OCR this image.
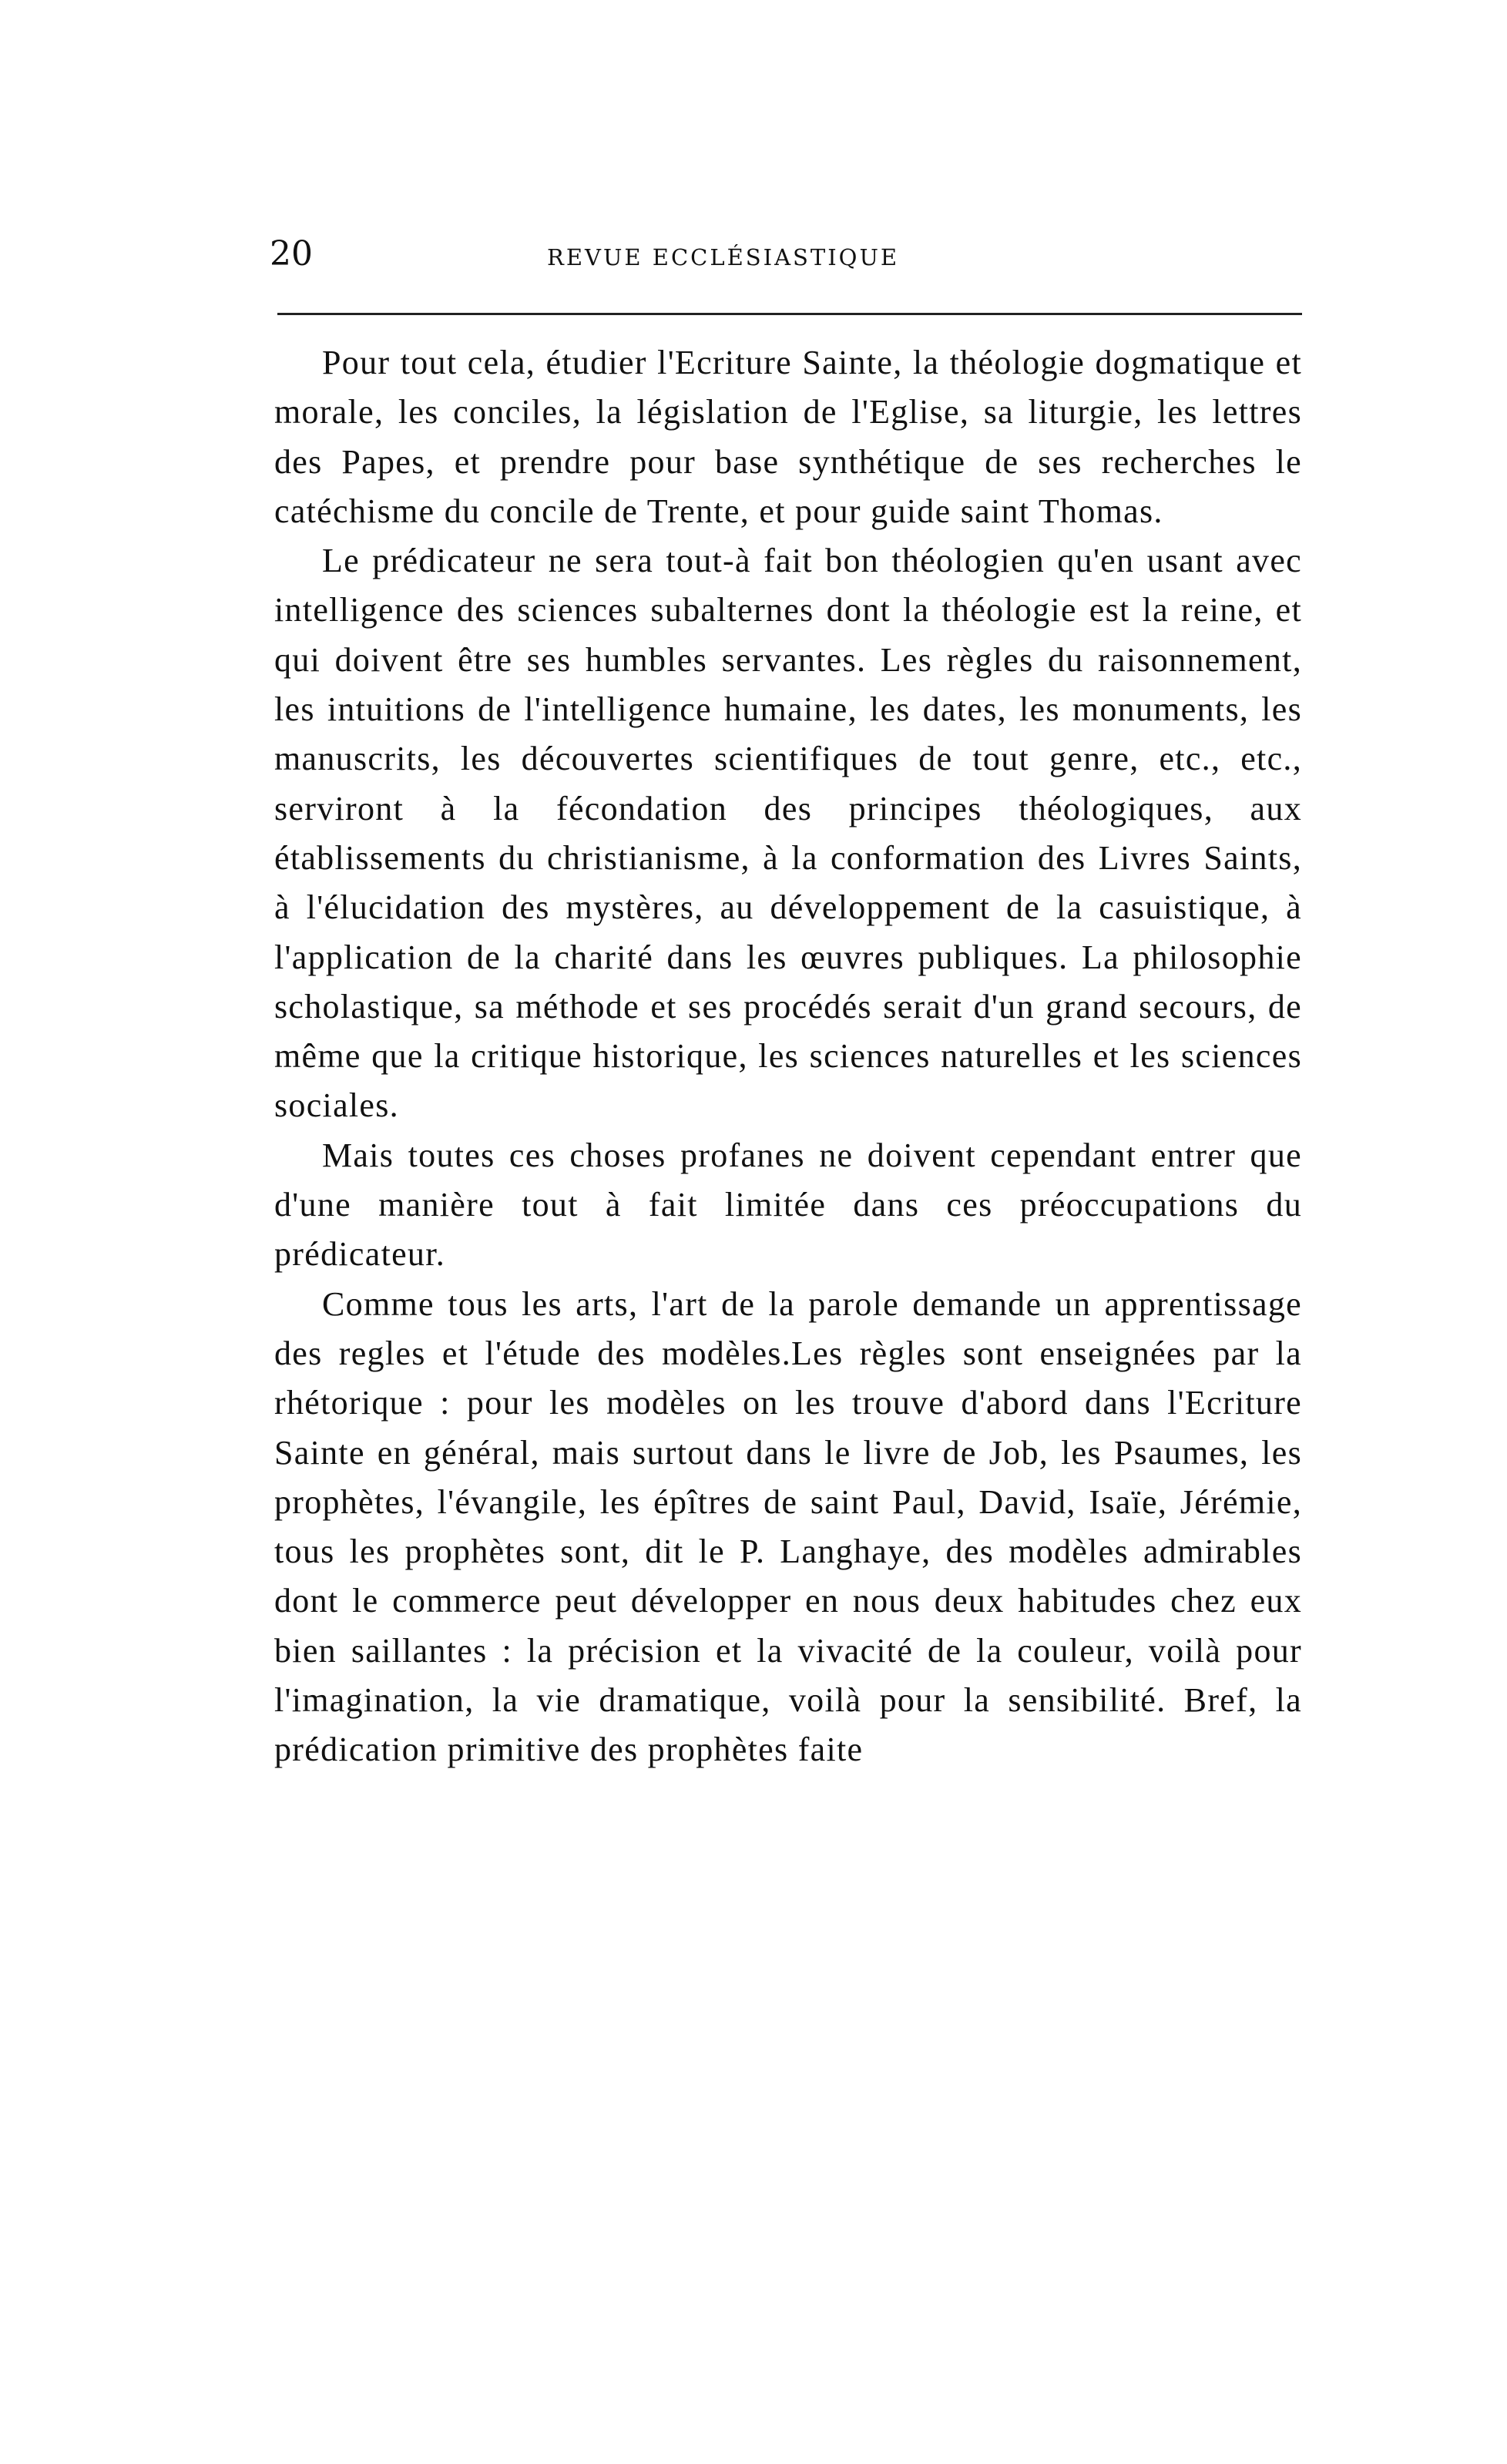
20	REVUE ECCLÉSIASTIQUE

Pour tout cela, étudier l'Ecriture Sainte, la théologie dogmatique et morale, les conciles, la législation de l'Eglise, sa liturgie, les lettres des Papes, et prendre pour base synthétique de ses recherches le catéchisme du concile de Trente, et pour guide saint Thomas.

Le prédicateur ne sera tout-à fait bon théologien qu'en usant avec intelligence des sciences subalternes dont la théologie est la reine, et qui doivent être ses humbles servantes. Les règles du raisonnement, les intuitions de l'intelligence humaine, les dates, les monuments, les manuscrits, les découvertes scientifiques de tout genre, etc., etc., serviront à la fécondation des principes théologiques, aux établissements du christianisme, à la conformation des Livres Saints, à l'élucidation des mystères, au développement de la casuistique, à l'application de la charité dans les œuvres publiques. La philosophie scholastique, sa méthode et ses procédés serait d'un grand secours, de même que la critique historique, les sciences naturelles et les sciences sociales.

Mais toutes ces choses profanes ne doivent cependant entrer que d'une manière tout à fait limitée dans ces préoccupations du prédicateur.

Comme tous les arts, l'art de la parole demande un apprentissage des regles et l'étude des modèles.Les règles sont enseignées par la rhétorique : pour les modèles on les trouve d'abord dans l'Ecriture Sainte en général, mais surtout dans le livre de Job, les Psaumes, les prophètes, l'évangile, les épîtres de saint Paul, David, Isaïe, Jérémie, tous les prophètes sont, dit le P. Langhaye, des modèles admirables dont le commerce peut développer en nous deux habitudes chez eux bien saillantes : la précision et la vivacité de la couleur, voilà pour l'imagination, la vie dramatique, voilà pour la sensibilité. Bref, la prédication primitive des prophètes faite
